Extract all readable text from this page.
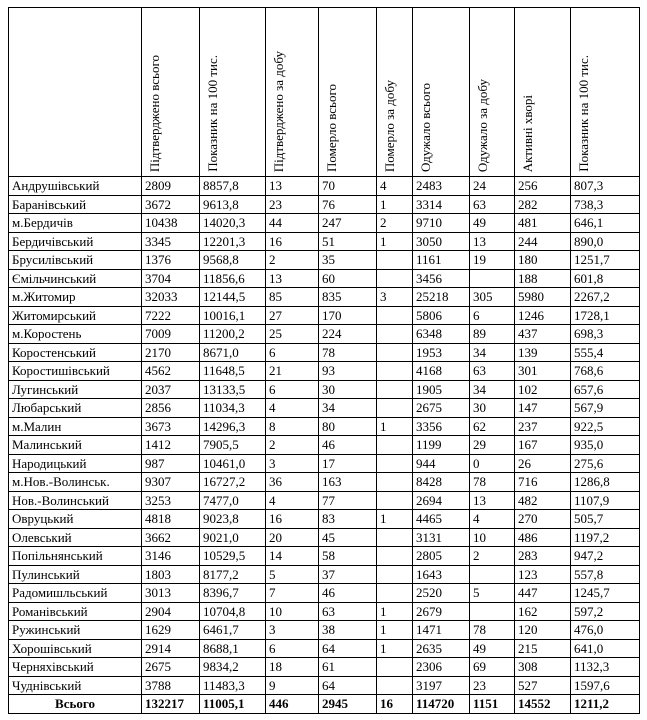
	Підтверджено всього	Показник на 100 тис.	Підтверджено за добу	Померло всього	Померло за добу	Одужало всього	Одужало за добу	Активні хворі	Показник на 100 тис.
Андрушівський	2809	8857,8	13	70	4	2483	24	256	807,3
Баранівський	3672	9613,8	23	76	1	3314	63	282	738,3
м.Бердичів	10438	14020,3	44	247	2	9710	49	481	646,1
Бердичівський	3345	12201,3	16	51	1	3050	13	244	890,0
Брусилівський	1376	9568,8	2	35		1161	19	180	1251,7
Ємільчинський	3704	11856,6	13	60		3456		188	601,8
м.Житомир	32033	12144,5	85	835	3	25218	305	5980	2267,2
Житомирський	7222	10016,1	27	170		5806	6	1246	1728,1
м.Коростень	7009	11200,2	25	224		6348	89	437	698,3
Коростенський	2170	8671,0	6	78		1953	34	139	555,4
Коростишівський	4562	11648,5	21	93		4168	63	301	768,6
Лугинський	2037	13133,5	6	30		1905	34	102	657,6
Любарський	2856	11034,3	4	34		2675	30	147	567,9
м.Малин	3673	14296,3	8	80	1	3356	62	237	922,5
Малинський	1412	7905,5	2	46		1199	29	167	935,0
Народицький	987	10461,0	3	17		944	0	26	275,6
м.Нов.-Волинськ.	9307	16727,2	36	163		8428	78	716	1286,8
Нов.-Волинський	3253	7477,0	4	77		2694	13	482	1107,9
Овруцький	4818	9023,8	16	83	1	4465	4	270	505,7
Олевський	3662	9021,0	20	45		3131	10	486	1197,2
Попільнянський	3146	10529,5	14	58		2805	2	283	947,2
Пулинський	1803	8177,2	5	37		1643		123	557,8
Радомишльський	3013	8396,7	7	46		2520	5	447	1245,7
Романівський	2904	10704,8	10	63	1	2679		162	597,2
Ружинський	1629	6461,7	3	38	1	1471	78	120	476,0
Хорошівський	2914	8688,1	6	64	1	2635	49	215	641,0
Черняхівський	2675	9834,2	18	61		2306	69	308	1132,3
Чуднівський	3788	11483,3	9	64		3197	23	527	1597,6
Всього	132217	11005,1	446	2945	16	114720	1151	14552	1211,2
